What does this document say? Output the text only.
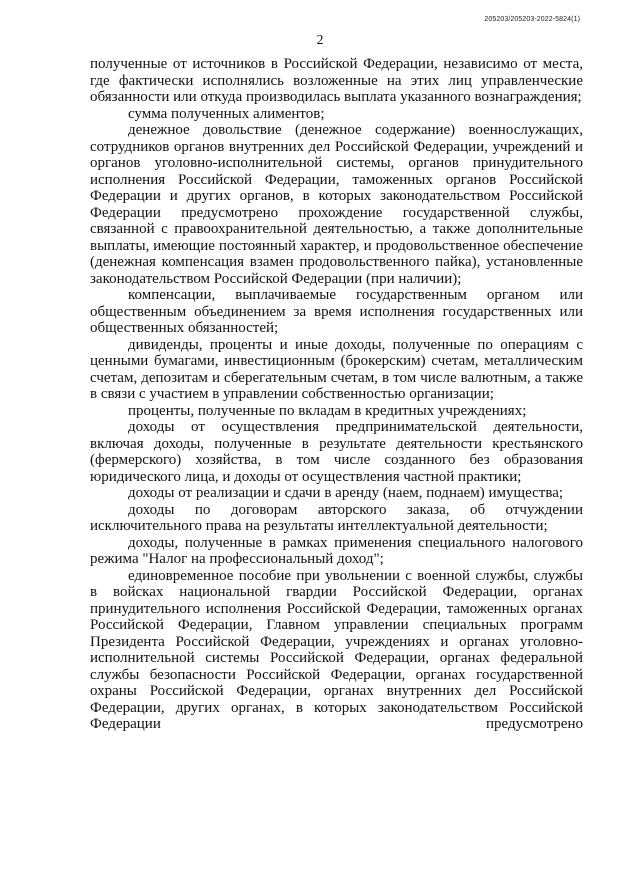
205203/205203-2022-5824(1)
2

полученные от источников в Российской Федерации, независимо от места, где фактически исполнялись возложенные на этих лиц управленческие обязанности или откуда производилась выплата указанного вознаграждения;

сумма полученных алиментов;

денежное довольствие (денежное содержание) военнослужащих, сотрудников органов внутренних дел Российской Федерации, учреждений и органов уголовно-исполнительной системы, органов принудительного исполнения Российской Федерации, таможенных органов Российской Федерации и других органов, в которых законодательством Российской Федерации предусмотрено прохождение государственной службы, связанной с правоохранительной деятельностью, а также дополнительные выплаты, имеющие постоянный характер, и продовольственное обеспечение (денежная компенсация взамен продовольственного пайка), установленные законодательством Российской Федерации (при наличии);

компенсации, выплачиваемые государственным органом или общественным объединением за время исполнения государственных или общественных обязанностей;

дивиденды, проценты и иные доходы, полученные по операциям с ценными бумагами, инвестиционным (брокерским) счетам, металлическим счетам, депозитам и сберегательным счетам, в том числе валютным, а также в связи с участием в управлении собственностью организации;

проценты, полученные по вкладам в кредитных учреждениях;

доходы от осуществления предпринимательской деятельности, включая доходы, полученные в результате деятельности крестьянского (фермерского) хозяйства, в том числе созданного без образования юридического лица, и доходы от осуществления частной практики;

доходы от реализации и сдачи в аренду (наем, поднаем) имущества;

доходы по договорам авторского заказа, об отчуждении исключительного права на результаты интеллектуальной деятельности;

доходы, полученные в рамках применения специального налогового режима "Налог на профессиональный доход";

единовременное пособие при увольнении с военной службы, службы в войсках национальной гвардии Российской Федерации, органах принудительного исполнения Российской Федерации, таможенных органах Российской Федерации, Главном управлении специальных программ Президента Российской Федерации, учреждениях и органах уголовно-исполнительной системы Российской Федерации, органах федеральной службы безопасности Российской Федерации, органах государственной охраны Российской Федерации, органах внутренних дел Российской Федерации, других органах, в которых законодательством Российской Федерации предусмотрено
